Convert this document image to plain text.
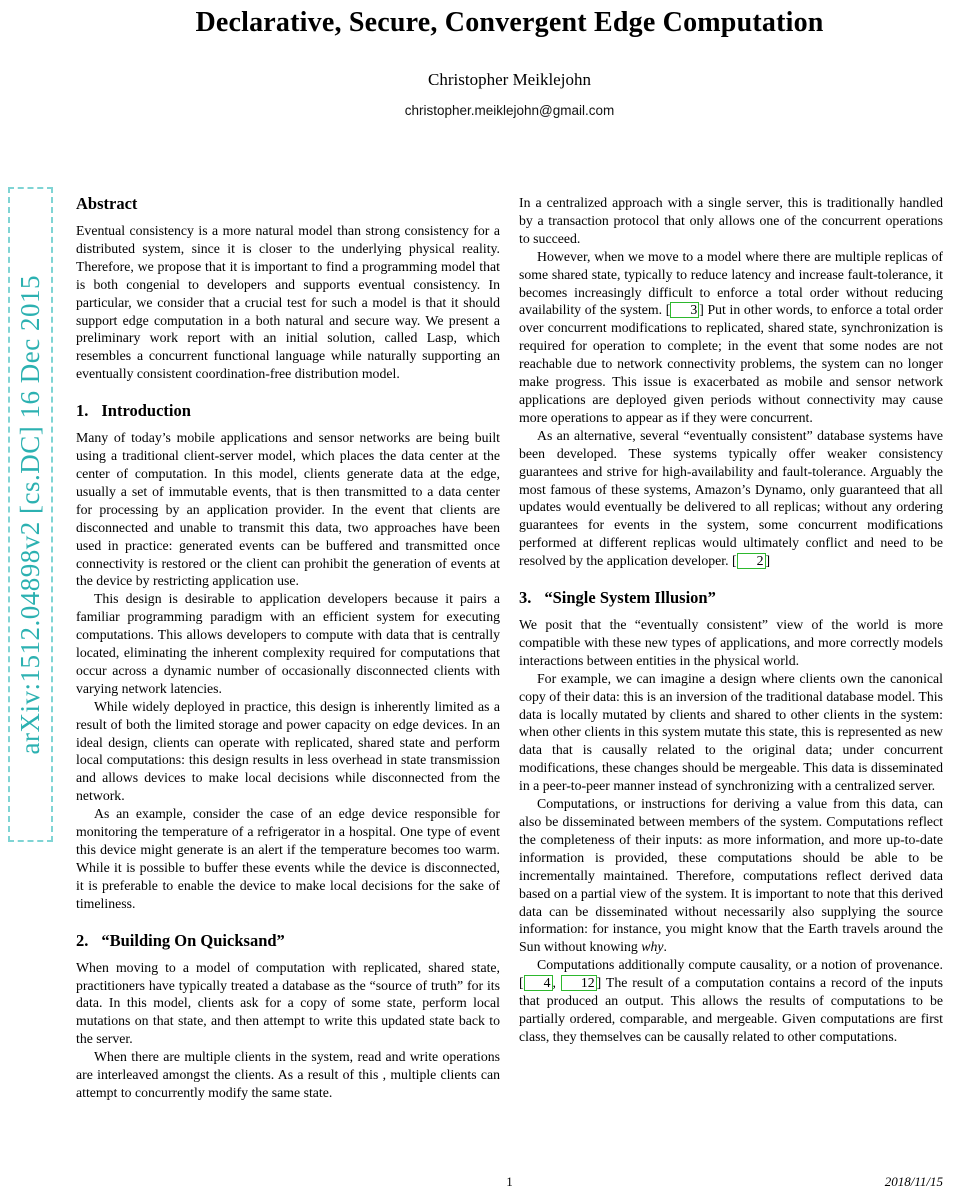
arXiv:1512.04898v2 [cs.DC] 16 Dec 2015
Declarative, Secure, Convergent Edge Computation
Christopher Meiklejohn
christopher.meiklejohn@gmail.com
Abstract

Eventual consistency is a more natural model than strong consistency for a distributed system, since it is closer to the underlying physical reality. Therefore, we propose that it is important to find a programming model that is both congenial to developers and supports eventual consistency. In particular, we consider that a crucial test for such a model is that it should support edge computation in a both natural and secure way. We present a preliminary work report with an initial solution, called Lasp, which resembles a concurrent functional language while naturally supporting an eventually consistent coordination-free distribution model.

1. Introduction

Many of today’s mobile applications and sensor networks are being built using a traditional client-server model, which places the data center at the center of computation. In this model, clients generate data at the edge, usually a set of immutable events, that is then transmitted to a data center for processing by an application provider. In the event that clients are disconnected and unable to transmit this data, two approaches have been used in practice: generated events can be buffered and transmitted once connectivity is restored or the client can prohibit the generation of events at the device by restricting application use.

This design is desirable to application developers because it pairs a familiar programming paradigm with an efficient system for executing computations. This allows developers to compute with data that is centrally located, eliminating the inherent complexity required for computations that occur across a dynamic number of occasionally disconnected clients with varying network latencies.

While widely deployed in practice, this design is inherently limited as a result of both the limited storage and power capacity on edge devices. In an ideal design, clients can operate with replicated, shared state and perform local computations: this design results in less overhead in state transmission and allows devices to make local decisions while disconnected from the network.

As an example, consider the case of an edge device responsible for monitoring the temperature of a refrigerator in a hospital. One type of event this device might generate is an alert if the temperature becomes too warm. While it is possible to buffer these events while the device is disconnected, it is preferable to enable the device to make local decisions for the sake of timeliness.

2. “Building On Quicksand”

When moving to a model of computation with replicated, shared state, practitioners have typically treated a database as the “source of truth” for its data. In this model, clients ask for a copy of some state, perform local mutations on that state, and then attempt to write this updated state back to the server.

When there are multiple clients in the system, read and write operations are interleaved amongst the clients. As a result of this , multiple clients can attempt to concurrently modify the same state.

In a centralized approach with a single server, this is traditionally handled by a transaction protocol that only allows one of the concurrent operations to succeed.

However, when we move to a model where there are multiple replicas of some shared state, typically to reduce latency and increase fault-tolerance, it becomes increasingly difficult to enforce a total order without reducing availability of the system. [ 3 ] Put in other words, to enforce a total order over concurrent modifications to replicated, shared state, synchronization is required for operation to complete; in the event that some nodes are not reachable due to network connectivity problems, the system can no longer make progress. This issue is exacerbated as mobile and sensor network applications are deployed given periods without connectivity may cause more operations to appear as if they were concurrent.

As an alternative, several “eventually consistent” database systems have been developed. These systems typically offer weaker consistency guarantees and strive for high-availability and fault-tolerance. Arguably the most famous of these systems, Amazon’s Dynamo, only guaranteed that all updates would eventually be delivered to all replicas; without any ordering guarantees for events in the system, some concurrent modifications performed at different replicas would ultimately conflict and need to be resolved by the application developer. [ 2 ]

3. “Single System Illusion”

We posit that the “eventually consistent” view of the world is more compatible with these new types of applications, and more correctly models interactions between entities in the physical world.

For example, we can imagine a design where clients own the canonical copy of their data: this is an inversion of the traditional database model. This data is locally mutated by clients and shared to other clients in the system: when other clients in this system mutate this state, this is represented as new data that is causally related to the original data; under concurrent modifications, these changes should be mergeable. This data is disseminated in a peer-to-peer manner instead of synchronizing with a centralized server.

Computations, or instructions for deriving a value from this data, can also be disseminated between members of the system. Computations reflect the completeness of their inputs: as more information, and more up-to-date information is provided, these computations should be able to be incrementally maintained. Therefore, computations reflect derived data based on a partial view of the system. It is important to note that this derived data can be disseminated without necessarily also supplying the source information: for instance, you might know that the Earth travels around the Sun without knowing why.

Computations additionally compute causality, or a notion of provenance. [ 4 , 12 ] The result of a computation contains a record of the inputs that produced an output. This allows the results of computations to be partially ordered, comparable, and mergeable. Given computations are first class, they themselves can be causally related to other computations.

1	2018/11/15
